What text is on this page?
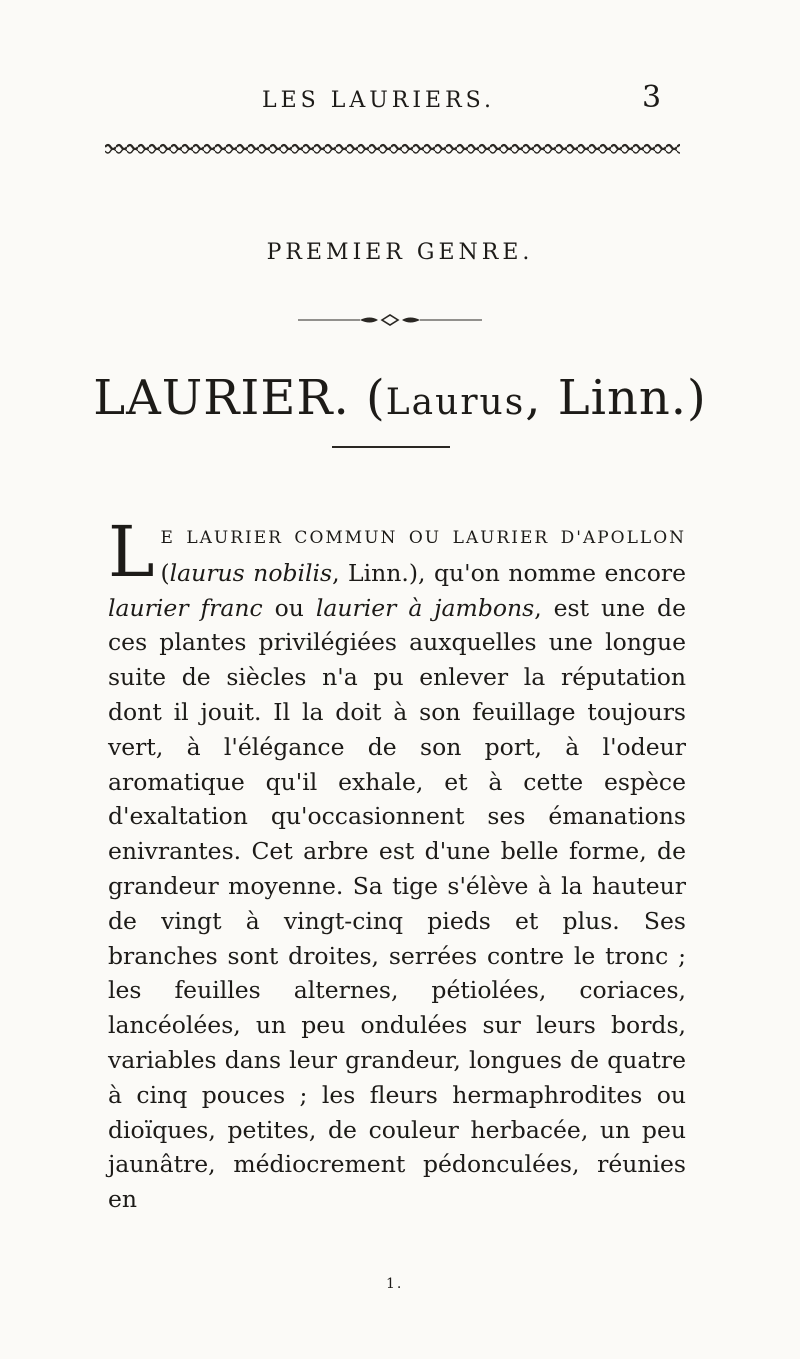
LES LAURIERS.	3
PREMIER GENRE.
LAURIER. (Laurus, Linn.)

LE LAURIER COMMUN OU LAURIER D'APOLLON (laurus nobilis, Linn.), qu'on nomme encore laurier franc ou laurier à jambons, est une de ces plantes privilégiées auxquelles une longue suite de siècles n'a pu enlever la réputation dont il jouit. Il la doit à son feuillage toujours vert, à l'élégance de son port, à l'odeur aromatique qu'il exhale, et à cette espèce d'exaltation qu'occasionnent ses émanations enivrantes. Cet arbre est d'une belle forme, de grandeur moyenne. Sa tige s'élève à la hauteur de vingt à vingt-cinq pieds et plus. Ses branches sont droites, serrées contre le tronc ; les feuilles alternes, pétiolées, coriaces, lancéolées, un peu ondulées sur leurs bords, variables dans leur grandeur, longues de quatre à cinq pouces ; les fleurs hermaphrodites ou dioïques, petites, de couleur herbacée, un peu jaunâtre, médiocrement pédonculées, réunies en

1.
